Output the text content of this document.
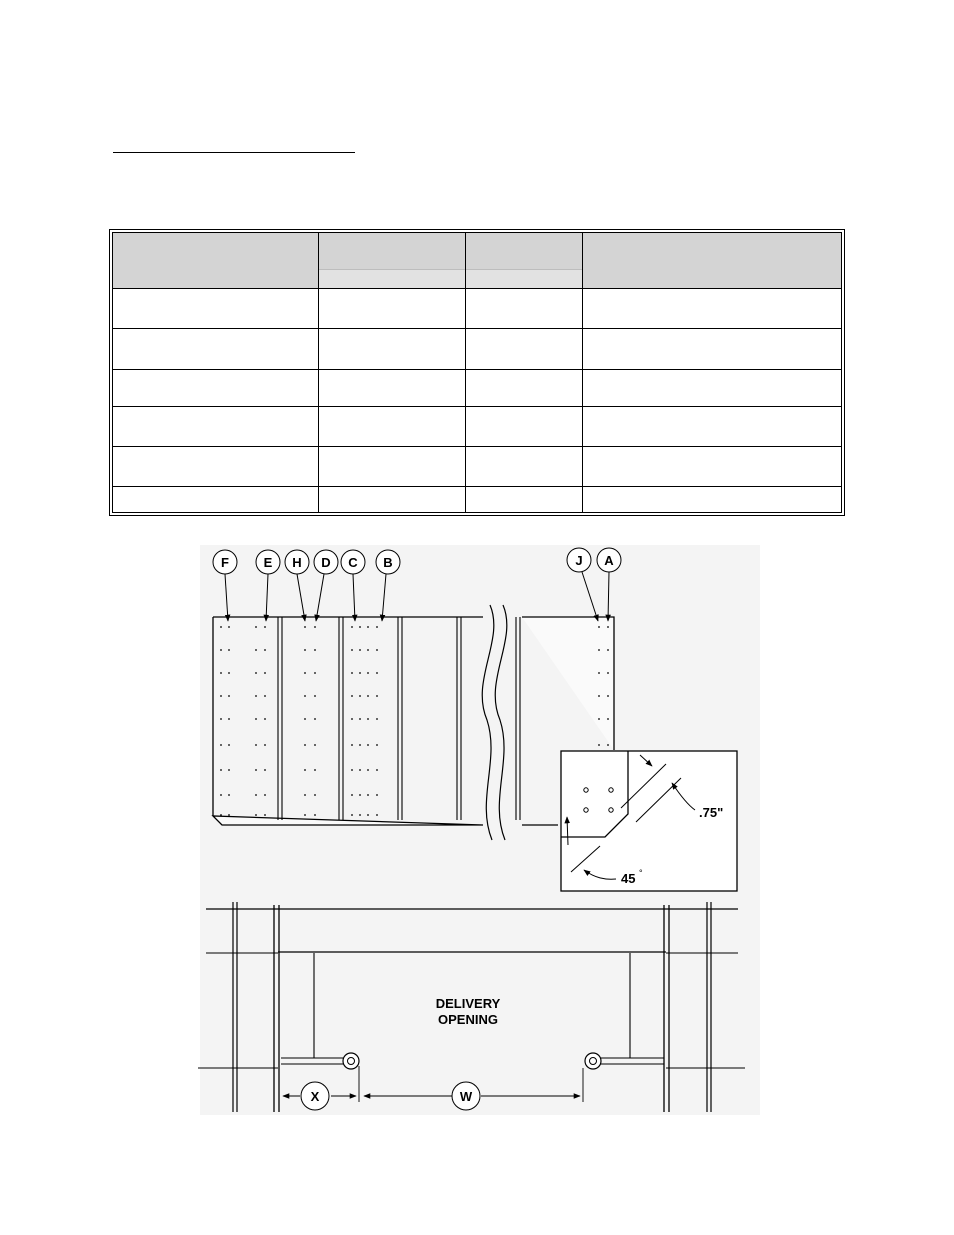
F	E H D C B	J A
.75"
45 °
X	W
DELIVERY
OPENING
